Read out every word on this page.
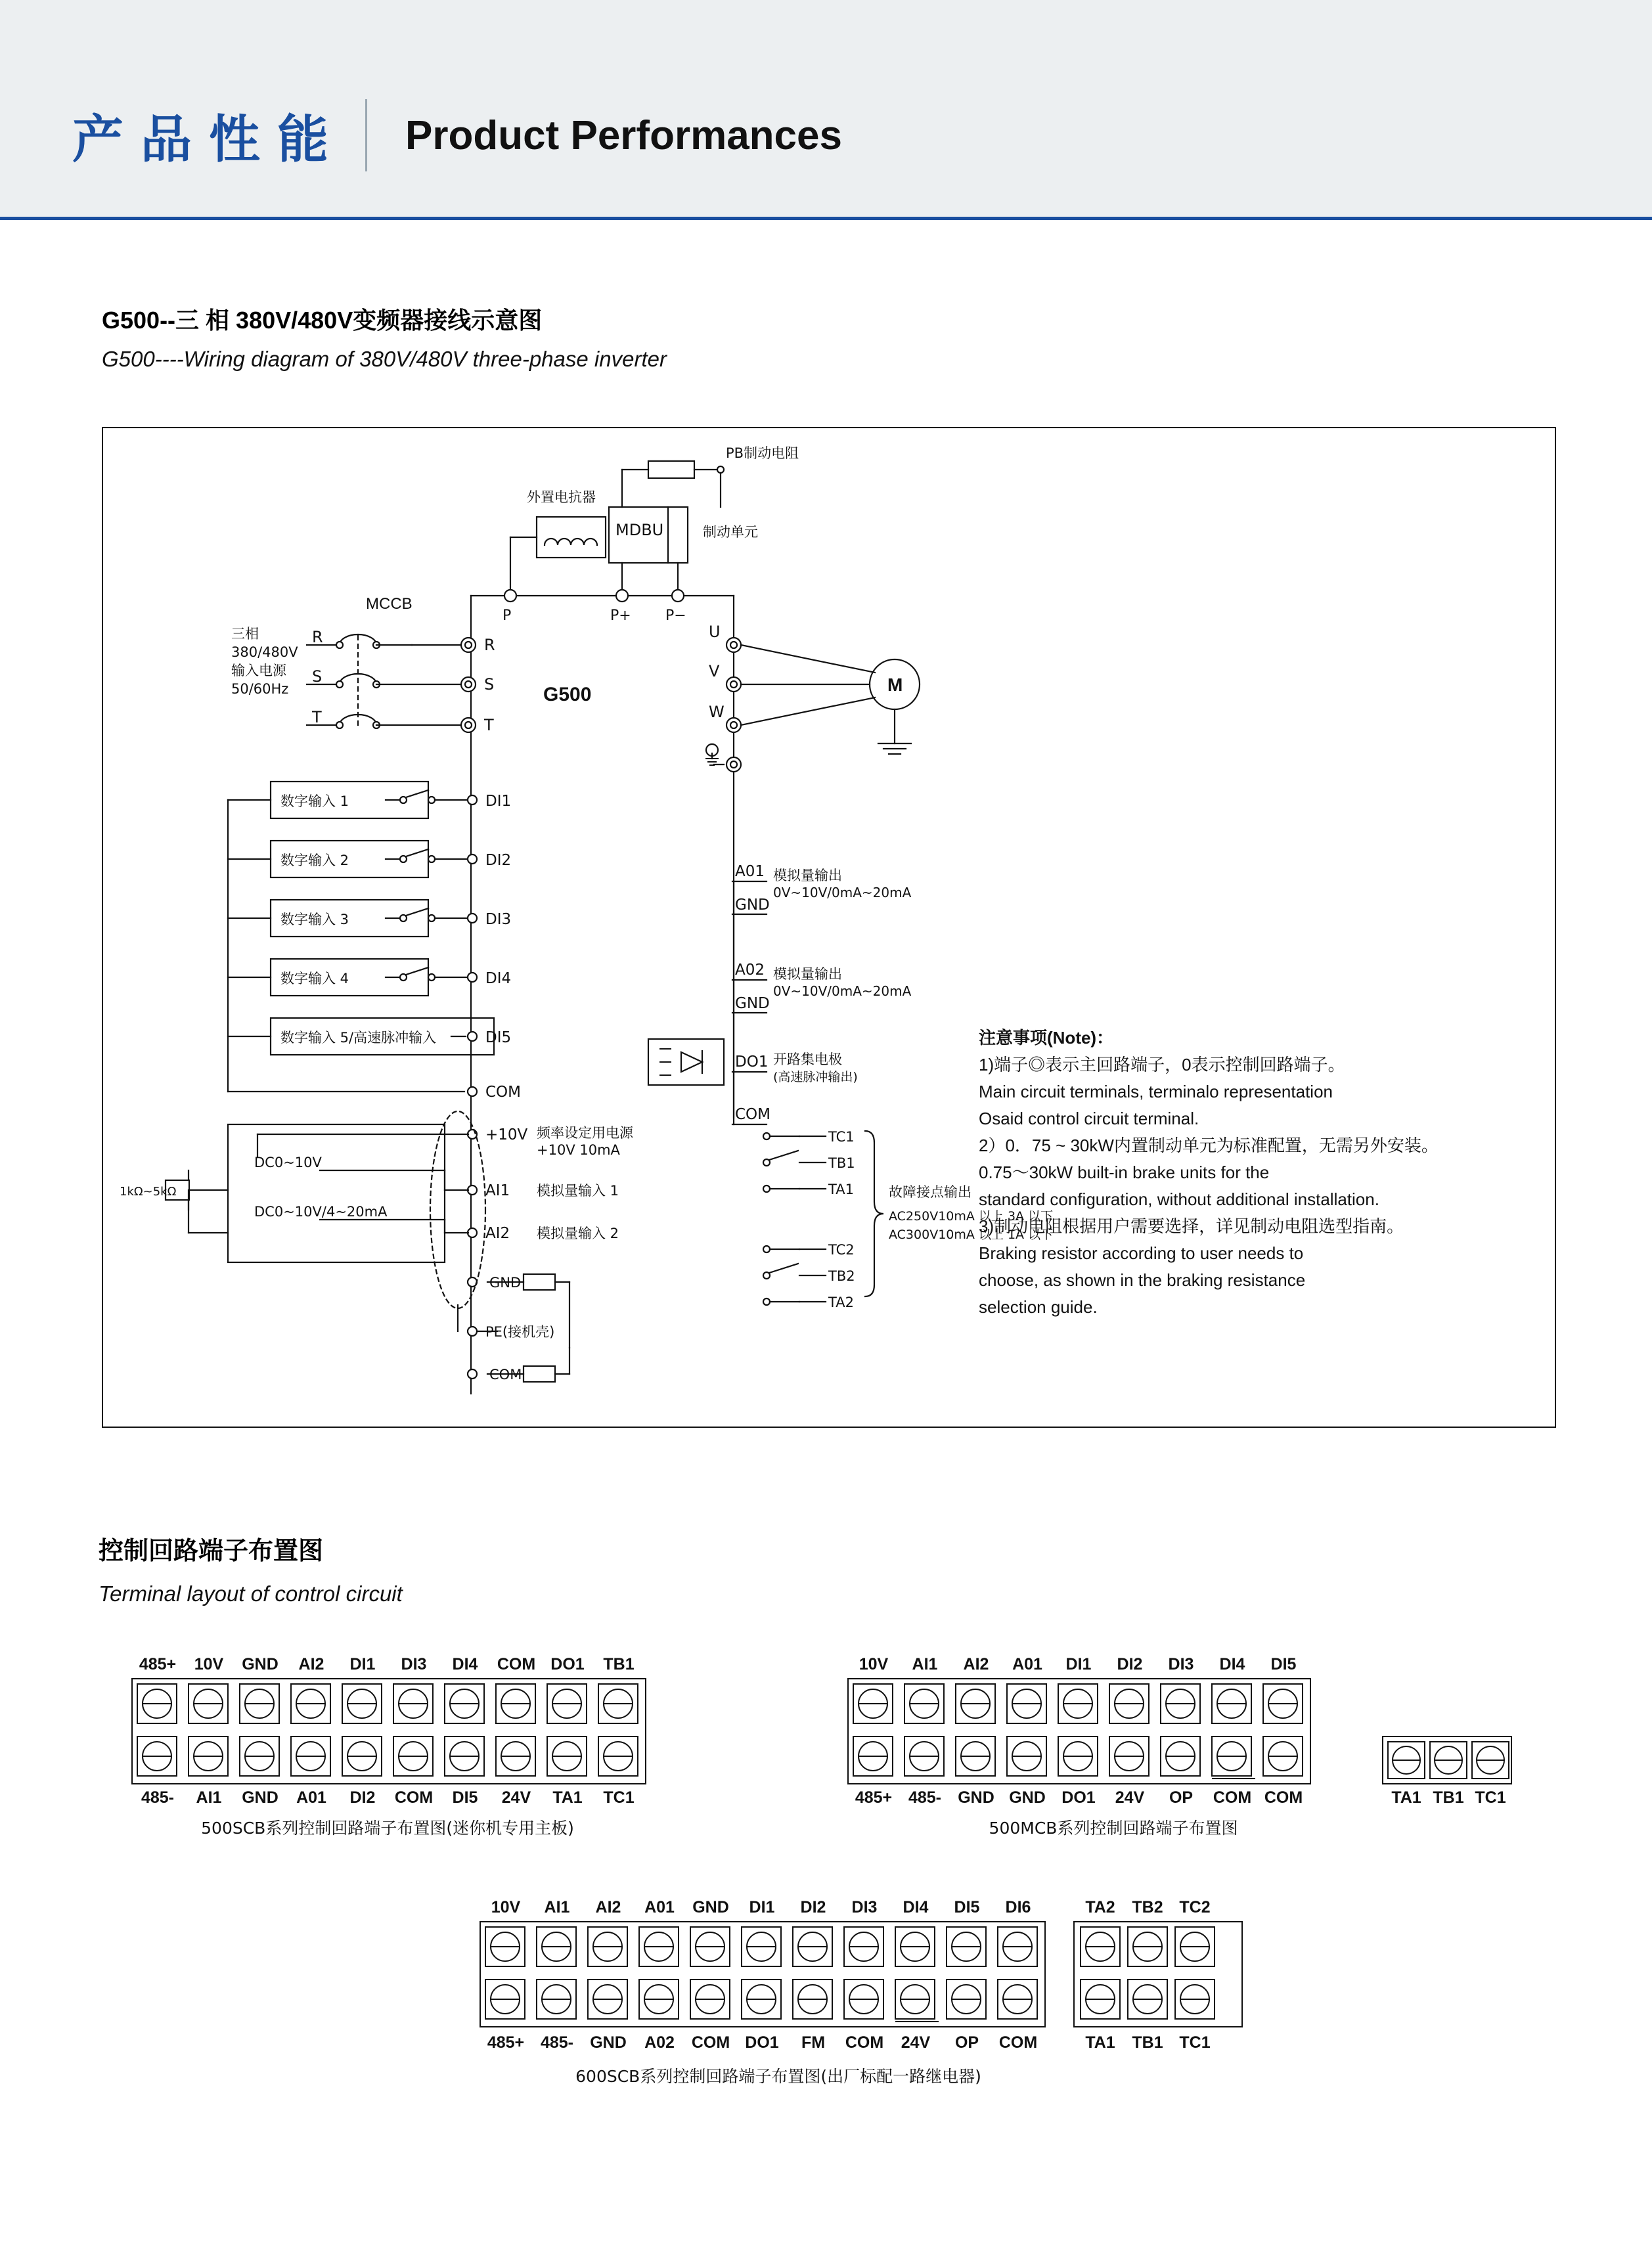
产品性能 Product Performances
G500--三 相 380V/480V变频器接线示意图
G500----Wiring diagram of 380V/480V three-phase inverter
PB制动电阻
外置电抗器
MDBU	制动单元
MCCB
三相
380/480V
输入电源
50/60Hz
R
S
T
R
S
T
P	P+ P−
G500
U
V
W
M
数字输入 1
数字输入 2
数字输入 3
数字输入 4
数字输入 5/高速脉冲输入
DI1
DI2
DI3
DI4
DI5
COM
+10V 频率设定用电源
+10V 10mA
AI1 模拟量输入 1
AI2 模拟量输入 2
DC0~10V
DC0~10V/4~20mA
1kΩ~5kΩ
GND
PE(接机壳)
COM
A01
GND
模拟量输出
0V~10V/0mA~20mA
A02
GND
模拟量输出
0V~10V/0mA~20mA
DO1 开路集电极
(高速脉冲输出)
COM
TC1
TB1
TA1
TC2
TB2
TA2
故障接点输出
AC250V10mA 以上 3A 以下
AC300V10mA 以上 1A 以下
注意事项(Note)：
1)端子◎表示主回路端子，0表示控制回路端子。
Main circuit terminals, terminalo representation
Osaid control circuit terminal.
2）0．75 ~ 30kW内置制动单元为标准配置，无需另外安装。
0.75～30kW built-in brake units for the
standard configuration, without additional installation.
3)制动电阻根据用户需要选择，详见制动电阻选型指南。
Braking resistor according to user needs to
choose, as shown in the braking resistance
selection guide.
控制回路端子布置图
Terminal layout of control circuit
485+ 10V GND AI2 DI1 DI3 DI4 COM DO1 TB1
485- AI1 GND A01 DI2 COM DI5 24V TA1 TC1
500SCB系列控制回路端子布置图(迷你机专用主板)
10V AI1 AI2 A01 DI1 DI2 DI3 DI4 DI5
485+ 485- GND GND DO1 24V OP COM COM	TA1 TB1 TC1
500MCB系列控制回路端子布置图
10V AI1 AI2 A01 GND DI1 DI2 DI3 DI4 DI5 DI6	TA2 TB2 TC2
485+ 485- GND A02 COM DO1 FM COM 24V OP COM	TA1 TB1 TC1
600SCB系列控制回路端子布置图(出厂标配一路继电器)
